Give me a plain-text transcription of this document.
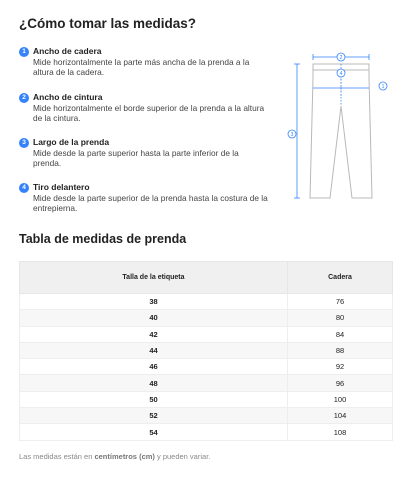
¿Cómo tomar las medidas?
1 Ancho de cadera
Mide horizontalmente la parte más ancha de la prenda a la altura de la cadera.
2 Ancho de cintura
Mide horizontalmente el borde superior de la prenda a la altura de la cintura.
3 Largo de la prenda
Mide desde la parte superior hasta la parte inferior de la prenda.
4 Tiro delantero
Mide desde la parte superior de la prenda hasta la costura de la entrepierna.
2
4
1
3
Tabla de medidas de prenda
Talla de la etiqueta	Cadera
38	76
40	80
42	84
44	88
46	92
48	96
50	100
52	104
54	108
Las medidas están en centímetros (cm) y pueden variar.
